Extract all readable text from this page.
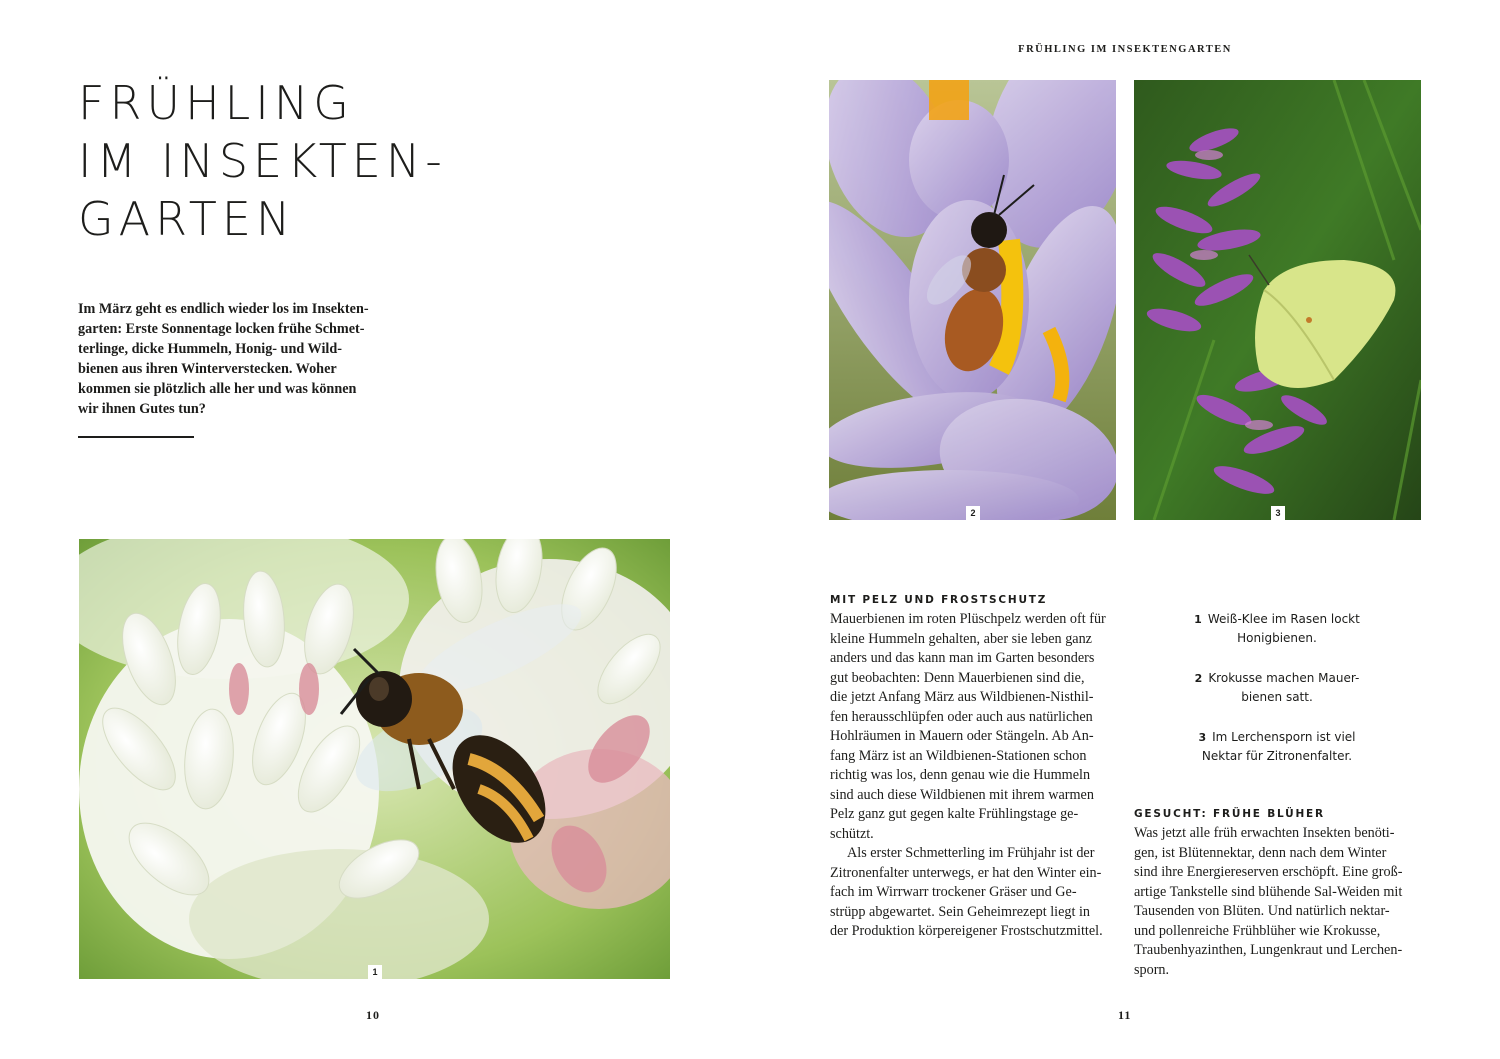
FRÜHLING
IM INSEKTEN-
GARTEN

Im März geht es endlich wieder los im Insekten-
garten: Erste Sonnentage locken frühe Schmet-
terlinge, dicke Hummeln, Honig- und Wild-
bienen aus ihren Winterverstecken. Woher
kommen sie plötzlich alle her und was können
wir ihnen Gutes tun?

1
10
FRÜHLING IM INSEKTENGARTEN
2	3
MIT PELZ UND FROSTSCHUTZ

Mauerbienen im roten Plüschpelz werden oft für
kleine Hummeln gehalten, aber sie leben ganz
anders und das kann man im Garten besonders
gut beobachten: Denn Mauerbienen sind die,
die jetzt Anfang März aus Wildbienen-Nisthil-
fen herausschlüpfen oder auch aus natürlichen
Hohlräumen in Mauern oder Stängeln. Ab An-
fang März ist an Wildbienen-Stationen schon
richtig was los, denn genau wie die Hummeln
sind auch diese Wildbienen mit ihrem warmen
Pelz ganz gut gegen kalte Frühlingstage ge-
schützt.
Als erster Schmetterling im Frühjahr ist der
Zitronenfalter unterwegs, er hat den Winter ein-
fach im Wirrwarr trockener Gräser und Ge-
strüpp abgewartet. Sein Geheimrezept liegt in
der Produktion körpereigener Frostschutzmittel.

1 Weiß-Klee im Rasen lockt
Honigbienen.
2 Krokusse machen Mauer-
bienen satt.
3 Im Lerchensporn ist viel
Nektar für Zitronenfalter.
GESUCHT: FRÜHE BLÜHER

Was jetzt alle früh erwachten Insekten benöti-
gen, ist Blütennektar, denn nach dem Winter
sind ihre Energiereserven erschöpft. Eine groß-
artige Tankstelle sind blühende Sal-Weiden mit
Tausenden von Blüten. Und natürlich nektar-
und pollenreiche Frühblüher wie Krokusse,
Traubenhyazinthen, Lungenkraut und Lerchen-
sporn.

11
